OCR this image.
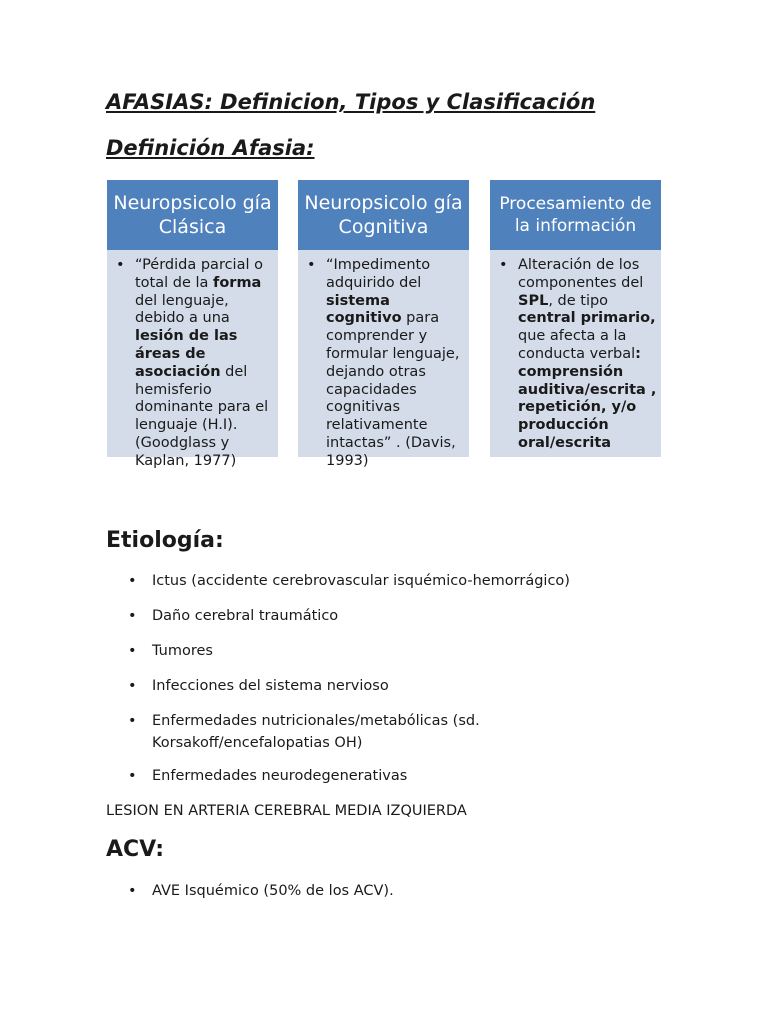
AFASIAS: Definicion, Tipos y Clasificación
Definición Afasia:
Neuropsicolo gía Clásica
• “Pérdida parcial o total de la forma del lenguaje, debido a una lesión de las áreas de asociación del hemisferio dominante para el lenguaje (H.I). (Goodglass y Kaplan, 1977)
Neuropsicolo gía Cognitiva
• “Impedimento adquirido del sistema cognitivo para comprender y formular lenguaje, dejando otras capacidades cognitivas relativamente intactas” . (Davis, 1993)
Procesamiento de la información
• Alteración de los componentes del SPL, de tipo central primario, que afecta a la conducta verbal: comprensión auditiva/escrita , repetición, y/o producción oral/escrita
Etiología:
• Ictus (accidente cerebrovascular isquémico-hemorrágico)
• Daño cerebral traumático
• Tumores
• Infecciones del sistema nervioso
• Enfermedades nutricionales/metabólicas (sd. Korsakoff/encefalopatias OH)
• Enfermedades neurodegenerativas

LESION EN ARTERIA CEREBRAL MEDIA IZQUIERDA

ACV:
• AVE Isquémico (50% de los ACV).
